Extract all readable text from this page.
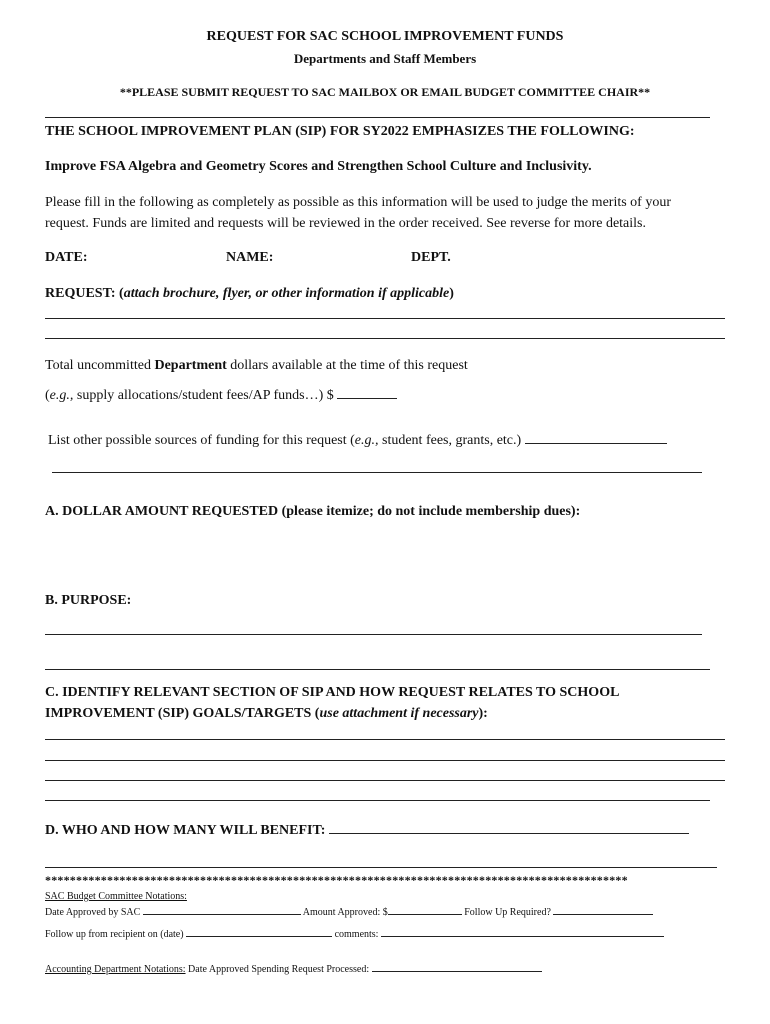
REQUEST FOR SAC SCHOOL IMPROVEMENT FUNDS
Departments and Staff Members
**PLEASE SUBMIT REQUEST TO SAC MAILBOX OR EMAIL BUDGET COMMITTEE CHAIR**
THE SCHOOL IMPROVEMENT PLAN (SIP) FOR SY2022 EMPHASIZES THE FOLLOWING:
Improve FSA Algebra and Geometry Scores and Strengthen School Culture and Inclusivity.
Please fill in the following as completely as possible as this information will be used to judge the merits of your
request. Funds are limited and requests will be reviewed in the order received. See reverse for more details.
DATE:	NAME:	DEPT.
REQUEST: (attach brochure, flyer, or other information if applicable)
Total uncommitted Department dollars available at the time of this request
(e.g., supply allocations/student fees/AP funds…) $
List other possible sources of funding for this request (e.g., student fees, grants, etc.)
A. DOLLAR AMOUNT REQUESTED (please itemize; do not include membership dues):
B. PURPOSE:
C. IDENTIFY RELEVANT SECTION OF SIP AND HOW REQUEST RELATES TO SCHOOL
IMPROVEMENT (SIP) GOALS/TARGETS (use attachment if necessary):
D. WHO AND HOW MANY WILL BENEFIT:
**********************************************************************************************
SAC Budget Committee Notations:
Date Approved by SAC	Amount Approved: $	Follow Up Required?
Follow up from recipient on (date)	comments:
Accounting Department Notations: Date Approved Spending Request Processed:
